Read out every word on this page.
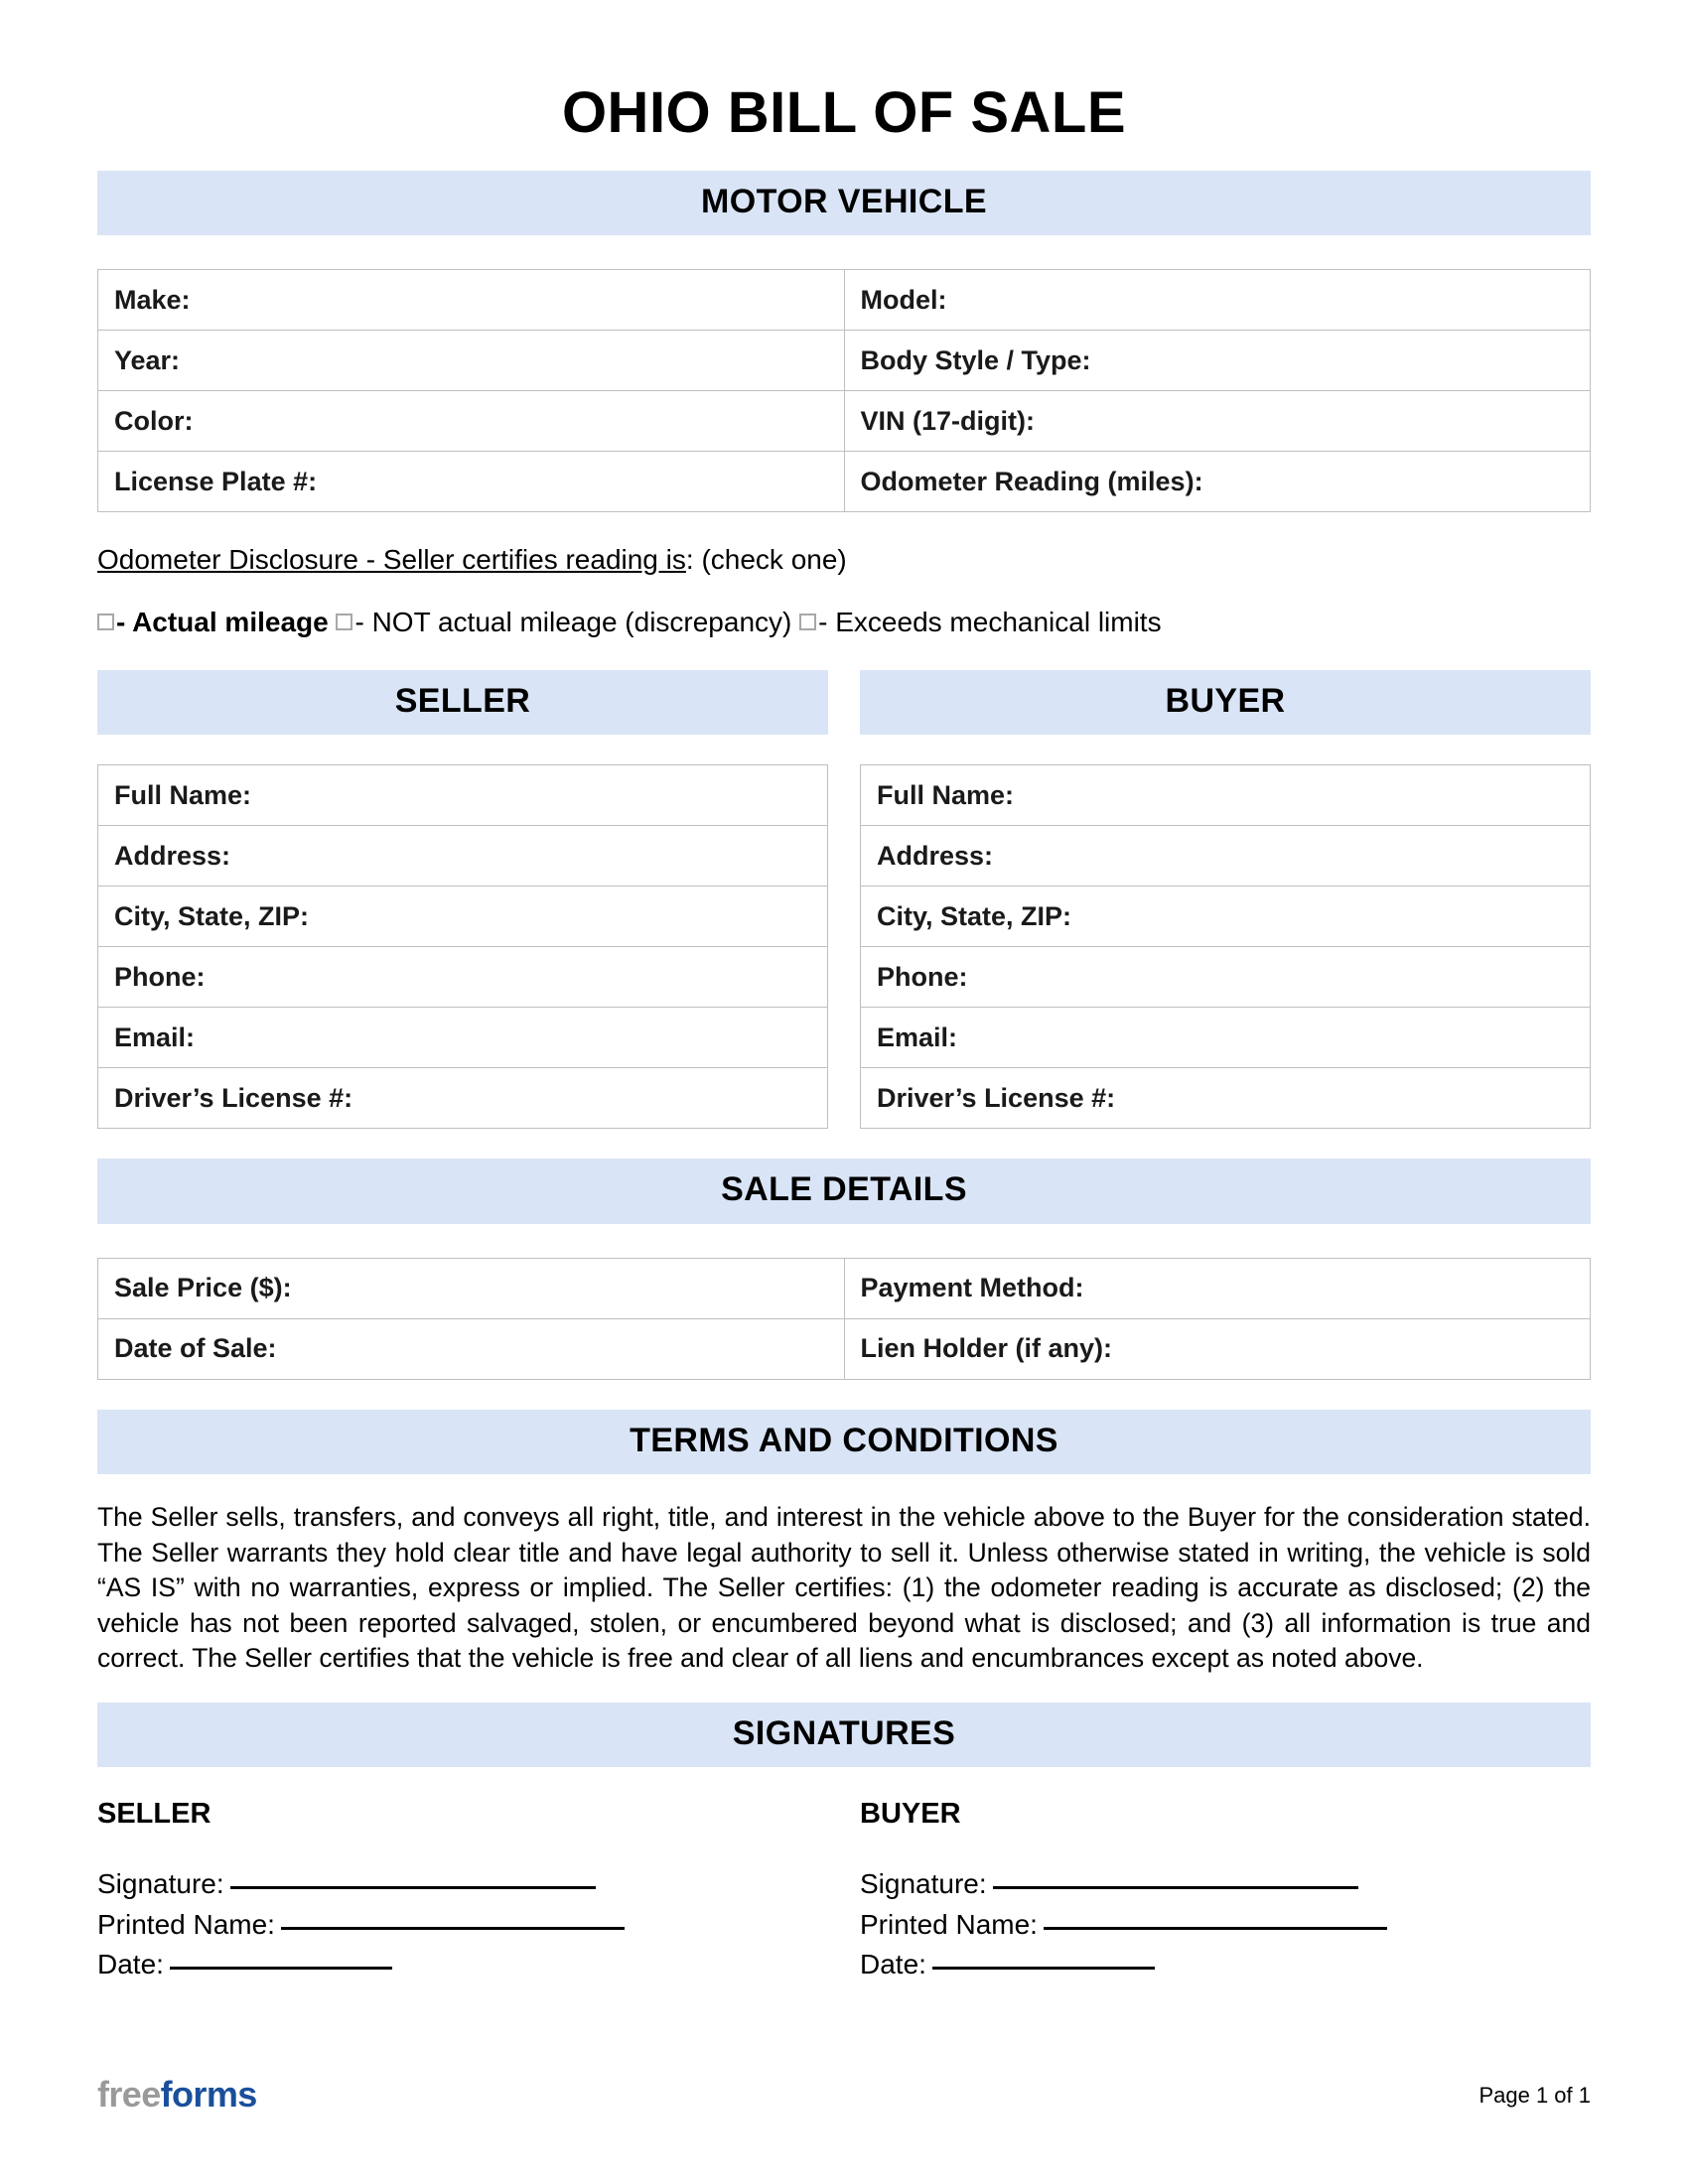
OHIO BILL OF SALE
MOTOR VEHICLE
Make:	Model:
Year:	Body Style / Type:
Color:	VIN (17-digit):
License Plate #:	Odometer Reading (miles):
Odometer Disclosure - Seller certifies reading is: (check one)
- Actual mileage - NOT actual mileage (discrepancy) - Exceeds mechanical limits
SELLER	BUYER
Full Name:
Address:
City, State, ZIP:
Phone:
Email:
Driver’s License #:
Full Name:
Address:
City, State, ZIP:
Phone:
Email:
Driver’s License #:
SALE DETAILS
Sale Price ($):	Payment Method:
Date of Sale:	Lien Holder (if any):
TERMS AND CONDITIONS
The Seller sells, transfers, and conveys all right, title, and interest in the vehicle above to the Buyer for the consideration stated. The Seller warrants they hold clear title and have legal authority to sell it. Unless otherwise stated in writing, the vehicle is sold “AS IS” with no warranties, express or implied. The Seller certifies: (1) the odometer reading is accurate as disclosed; (2) the vehicle has not been reported salvaged, stolen, or encumbered beyond what is disclosed; and (3) all information is true and correct. The Seller certifies that the vehicle is free and clear of all liens and encumbrances except as noted above.
SIGNATURES
SELLER
Signature:
Printed Name:
Date:
BUYER
Signature:
Printed Name:
Date:
freeforms	Page 1 of 1
